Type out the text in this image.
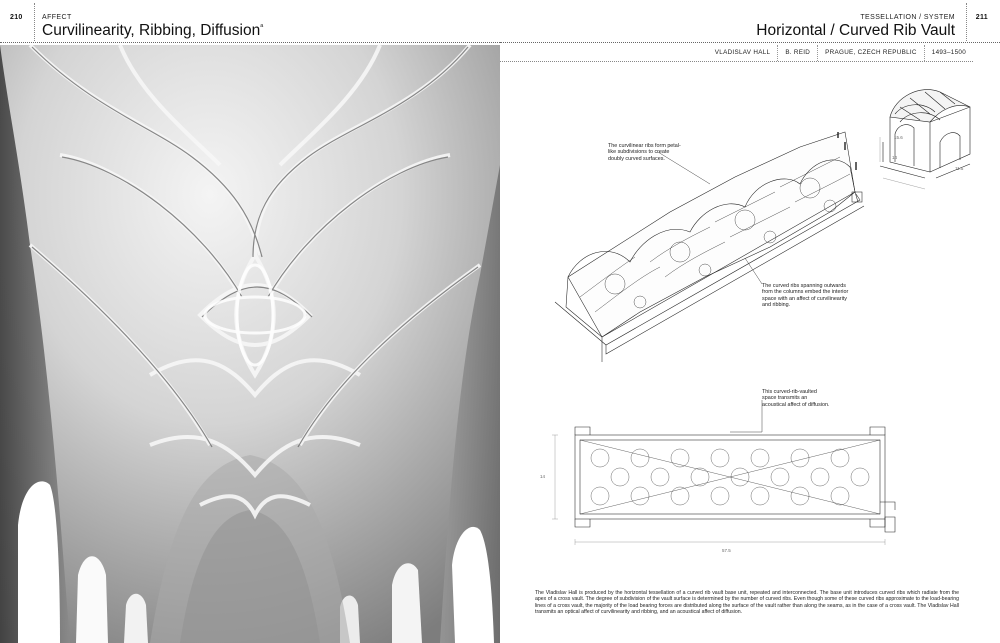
210	AFFECT
Curvilinearity, Ribbing, Diffusion$^ᵃ$
TESSELLATION / SYSTEM
Horizontal / Curved Rib Vault
211
VLADISLAV HALL	B. REID	PRAGUE, CZECH REPUBLIC	1493–1500
The curvilinear ribs form petal-like subdivisions to create doubly curved surfaces.
The curved ribs spanning outwards from the columns embed the interior space with an affect of curvilinearity and ribbing.
This curved-rib-vaulted space transmits an acoustical affect of diffusion.
15.6
14
11.5
14
57.5
The Vladislav Hall is produced by the horizontal tessellation of a curved rib vault base unit, repeated and interconnected. The base unit introduces curved ribs which radiate from the apex of a cross vault. The degree of subdivision of the vault surface is determined by the number of curved ribs. Even though some of these curved ribs approximate to the load-bearing lines of a cross vault, the majority of the load bearing forces are distributed along the surface of the vault rather than along the seams, as in the case of a cross vault. The Vladislav Hall transmits an optical affect of curvilinearity and ribbing, and an acoustical affect of diffusion.
